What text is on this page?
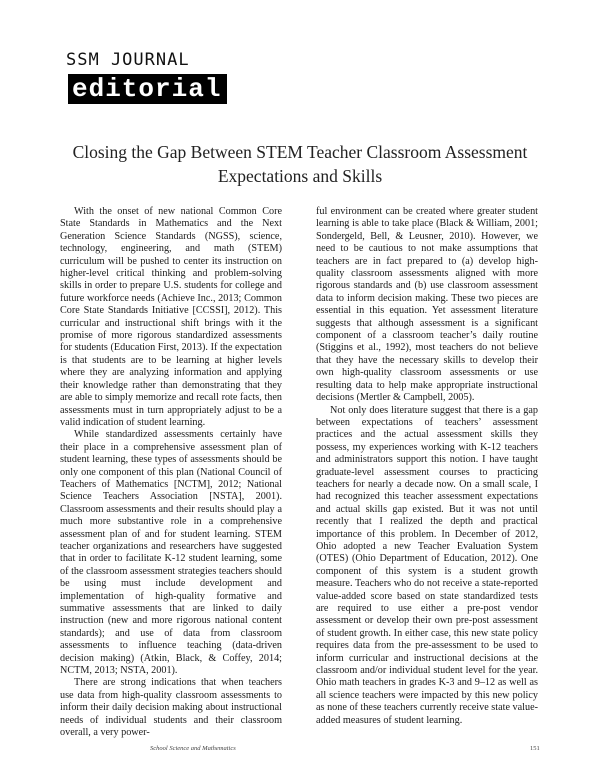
SSM JOURNAL
editorial
Closing the Gap Between STEM Teacher Classroom Assessment
Expectations and Skills

With the onset of new national Common Core State Standards in Mathematics and the Next Generation Science Standards (NGSS), science, technology, engineering, and math (STEM) curriculum will be pushed to center its instruction on higher-level critical thinking and problem-solving skills in order to prepare U.S. students for college and future workforce needs (Achieve Inc., 2013; Common Core State Standards Initiative [CCSSI], 2012). This curricular and instructional shift brings with it the promise of more rigorous standardized assessments for students (Education First, 2013). If the expectation is that students are to be learning at higher levels where they are analyzing information and applying their knowledge rather than demonstrating that they are able to simply memorize and recall rote facts, then assessments must in turn appropriately adjust to be a valid indication of student learning.

While standardized assessments certainly have their place in a comprehensive assessment plan of student learning, these types of assessments should be only one component of this plan (National Council of Teachers of Mathematics [NCTM], 2012; National Science Teachers Association [NSTA], 2001). Classroom assessments and their results should play a much more substantive role in a comprehensive assessment plan of and for student learning. STEM teacher organizations and researchers have suggested that in order to facilitate K-12 student learning, some of the classroom assessment strategies teachers should be using must include development and implementation of high-quality formative and summative assessments that are linked to daily instruction (new and more rigorous national content standards); and use of data from classroom assessments to influence teaching (data-driven decision making) (Atkin, Black, & Coffey, 2014; NCTM, 2013; NSTA, 2001).

There are strong indications that when teachers use data from high-quality classroom assessments to inform their daily decision making about instructional needs of individual students and their classroom overall, a very power-

ful environment can be created where greater student learning is able to take place (Black & William, 2001; Sondergeld, Bell, & Leusner, 2010). However, we need to be cautious to not make assumptions that teachers are in fact prepared to (a) develop high-quality classroom assessments aligned with more rigorous standards and (b) use classroom assessment data to inform decision making. These two pieces are essential in this equation. Yet assessment literature suggests that although assessment is a significant component of a classroom teacher’s daily routine (Stiggins et al., 1992), most teachers do not believe that they have the necessary skills to develop their own high-quality classroom assessments or use resulting data to help make appropriate instructional decisions (Mertler & Campbell, 2005).

Not only does literature suggest that there is a gap between expectations of teachers’ assessment practices and the actual assessment skills they possess, my experiences working with K-12 teachers and administrators support this notion. I have taught graduate-level assessment courses to practicing teachers for nearly a decade now. On a small scale, I had recognized this teacher assessment expectations and actual skills gap existed. But it was not until recently that I realized the depth and practical importance of this problem. In December of 2012, Ohio adopted a new Teacher Evaluation System (OTES) (Ohio Department of Education, 2012). One component of this system is a student growth measure. Teachers who do not receive a state-reported value-added score based on state standardized tests are required to use either a pre-post vendor assessment or develop their own pre-post assessment of student growth. In either case, this new state policy requires data from the pre-assessment to be used to inform curricular and instructional decisions at the classroom and/or individual student level for the year. Ohio math teachers in grades K-3 and 9–12 as well as all science teachers were impacted by this new policy as none of these teachers currently receive state value-added measures of student learning.

School Science and Mathematics	151
